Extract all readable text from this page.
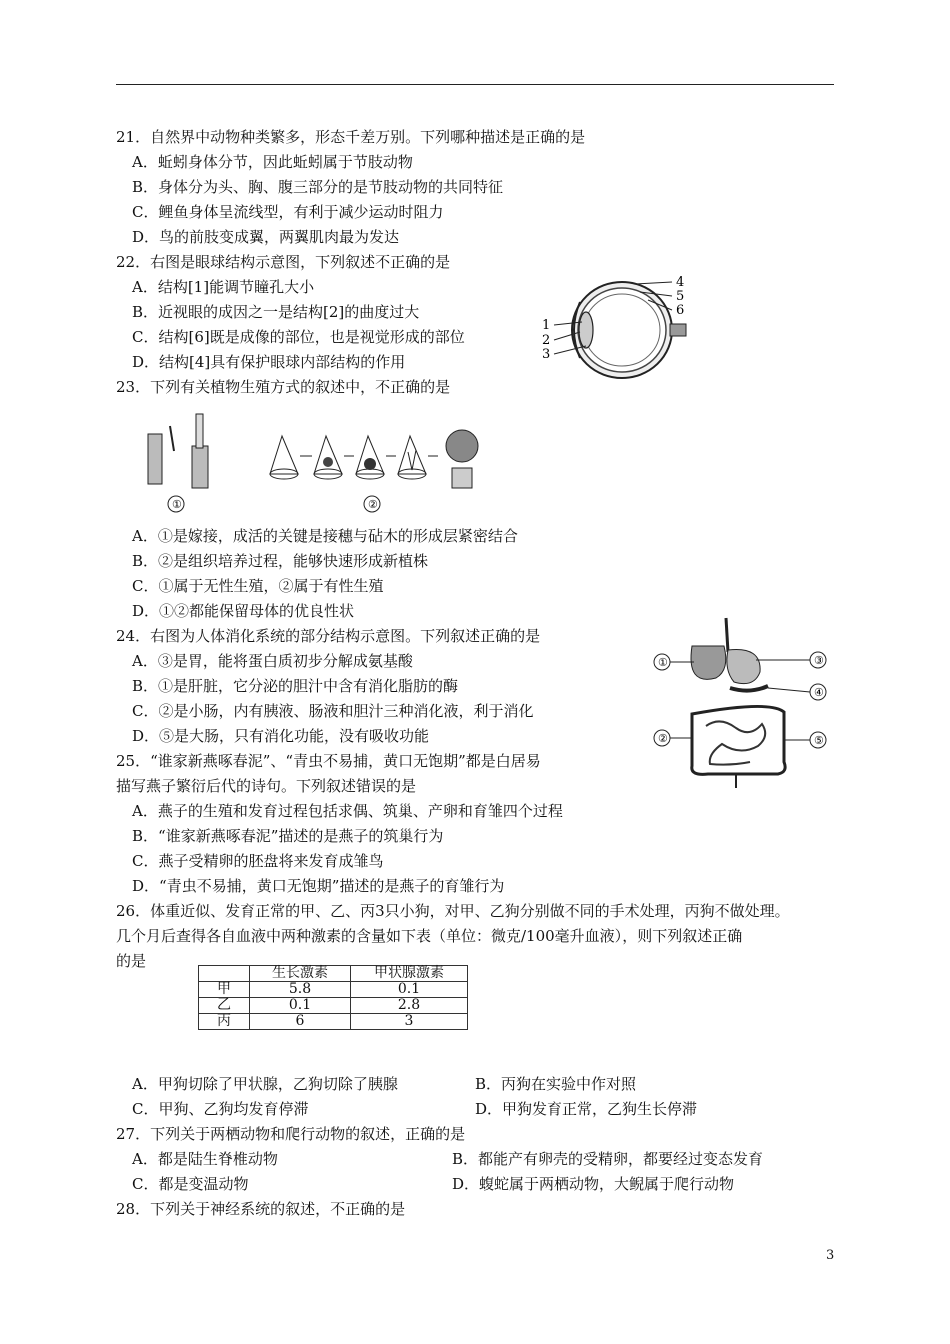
21．自然界中动物种类繁多，形态千差万别。下列哪种描述是正确的是
A．蚯蚓身体分节，因此蚯蚓属于节肢动物
B．身体分为头、胸、腹三部分的是节肢动物的共同特征
C．鲤鱼身体呈流线型，有利于减少运动时阻力
D．鸟的前肢变成翼，两翼肌肉最为发达
22．右图是眼球结构示意图，下列叙述不正确的是
A．结构[1]能调节瞳孔大小
B．近视眼的成因之一是结构[2]的曲度过大
C．结构[6]既是成像的部位，也是视觉形成的部位
D．结构[4]具有保护眼球内部结构的作用
1
2
3
4
5
6
23．下列有关植物生殖方式的叙述中，不正确的是
①	②
A．①是嫁接，成活的关键是接穗与砧木的形成层紧密结合
B．②是组织培养过程，能够快速形成新植株
C．①属于无性生殖，②属于有性生殖
D．①②都能保留母体的优良性状
24．右图为人体消化系统的部分结构示意图。下列叙述正确的是
A．③是胃，能将蛋白质初步分解成氨基酸
B．①是肝脏，它分泌的胆汁中含有消化脂肪的酶
C．②是小肠，内有胰液、肠液和胆汁三种消化液，利于消化
D．⑤是大肠，只有消化功能，没有吸收功能
①
②
③
④
⑤
25．“谁家新燕啄春泥”、“青虫不易捕，黄口无饱期”都是白居易
描写燕子繁衍后代的诗句。下列叙述错误的是
A．燕子的生殖和发育过程包括求偶、筑巢、产卵和育雏四个过程
B．“谁家新燕啄春泥”描述的是燕子的筑巢行为
C．燕子受精卵的胚盘将来发育成雏鸟
D．“青虫不易捕，黄口无饱期”描述的是燕子的育雏行为
26．体重近似、发育正常的甲、乙、丙3只小狗，对甲、乙狗分别做不同的手术处理，丙狗不做处理。
几个月后查得各自血液中两种激素的含量如下表（单位：微克/100毫升血液），则下列叙述正确
的是
	生长激素	甲状腺激素
甲	5.8	0.1
乙	0.1	2.8
丙	6	3
A．甲狗切除了甲状腺，乙狗切除了胰腺	B．丙狗在实验中作对照
C．甲狗、乙狗均发育停滞	D．甲狗发育正常，乙狗生长停滞
27．下列关于两栖动物和爬行动物的叙述，正确的是
A．都是陆生脊椎动物	B．都能产有卵壳的受精卵，都要经过变态发育
C．都是变温动物	D．蝮蛇属于两栖动物，大鲵属于爬行动物
28．下列关于神经系统的叙述，不正确的是
3
